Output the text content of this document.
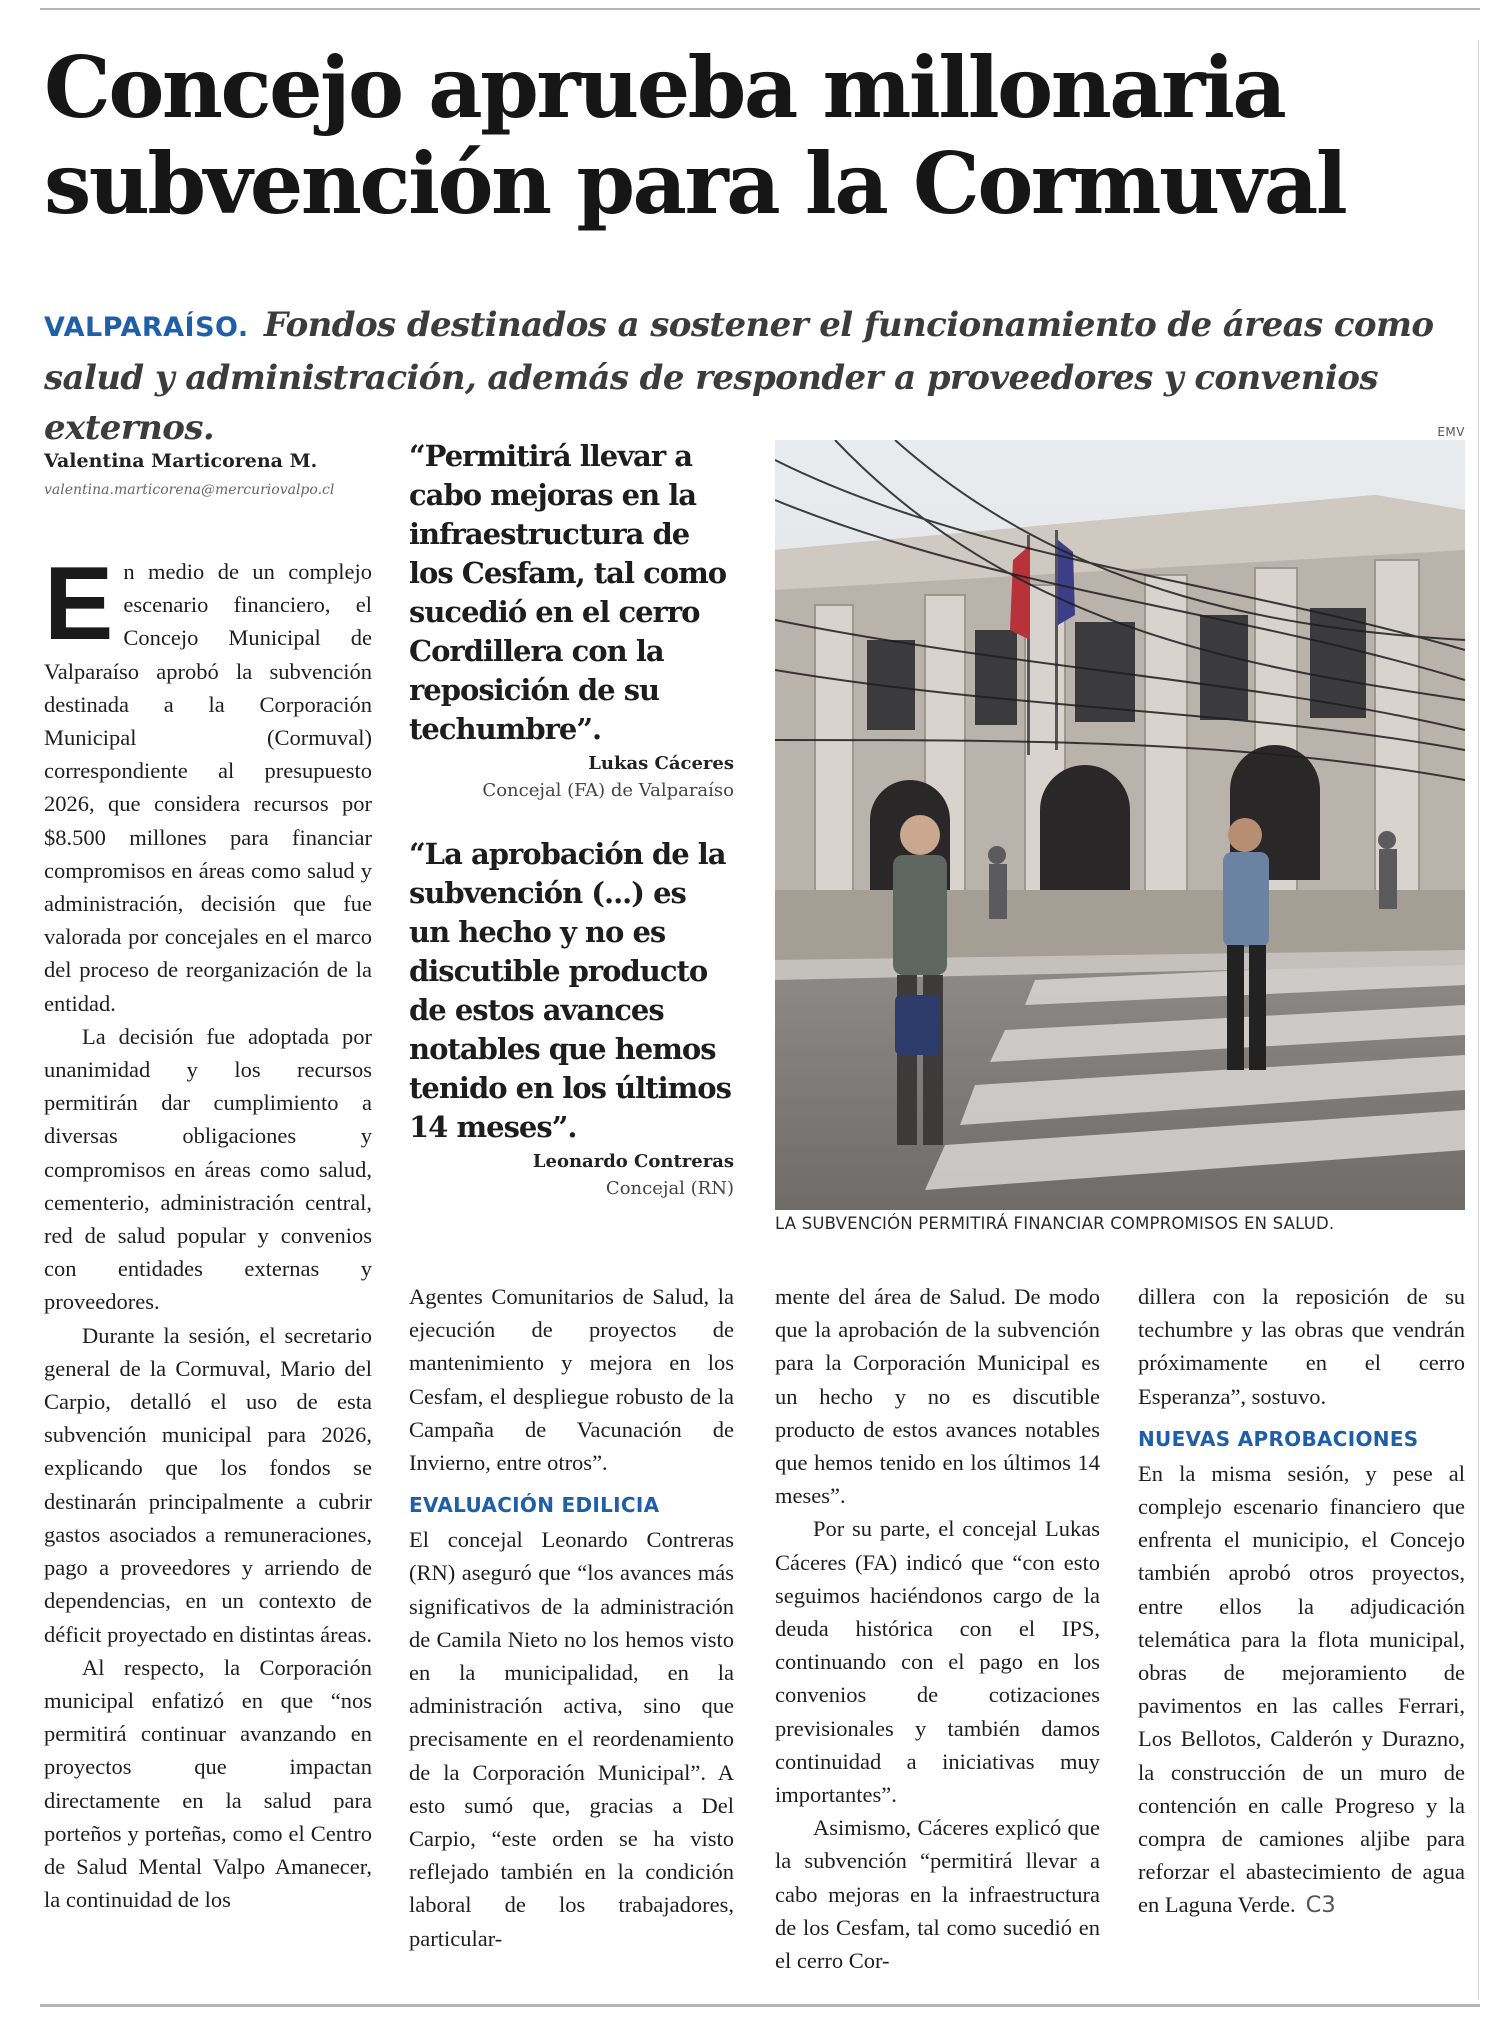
Concejo aprueba millonaria subvención para la Cormuval

VALPARAÍSO. Fondos destinados a sostener el funcionamiento de áreas como salud y administración, además de responder a proveedores y convenios externos.

Valentina Marticorena M.
valentina.marticorena@mercuriovalpo.cl

En medio de un complejo escenario financiero, el Concejo Municipal de Valparaíso aprobó la subvención destinada a la Corporación Municipal (Cormuval) correspondiente al presupuesto 2026, que considera recursos por $8.500 millones para financiar compromisos en áreas como salud y administración, decisión que fue valorada por concejales en el marco del proceso de reorganización de la entidad.

La decisión fue adoptada por unanimidad y los recursos permitirán dar cumplimiento a diversas obligaciones y compromisos en áreas como salud, cementerio, administración central, red de salud popular y convenios con entidades externas y proveedores.

Durante la sesión, el secretario general de la Cormuval, Mario del Carpio, detalló el uso de esta subvención municipal para 2026, explicando que los fondos se destinarán principalmente a cubrir gastos asociados a remuneraciones, pago a proveedores y arriendo de dependencias, en un contexto de déficit proyectado en distintas áreas.

Al respecto, la Corporación municipal enfatizó en que “nos permitirá continuar avanzando en proyectos que impactan directamente en la salud para porteños y porteñas, como el Centro de Salud Mental Valpo Amanecer, la continuidad de los

“Permitirá llevar a cabo mejoras en la infraestructura de los Cesfam, tal como sucedió en el cerro Cordillera con la reposición de su techumbre”.
Lukas Cáceres
Concejal (FA) de Valparaíso
“La aprobación de la subvención (...) es un hecho y no es discutible producto de estos avances notables que hemos tenido en los últimos 14 meses”.
Leonardo Contreras
Concejal (RN)
EMV
LA SUBVENCIÓN PERMITIRÁ FINANCIAR COMPROMISOS EN SALUD.

Agentes Comunitarios de Salud, la ejecución de proyectos de mantenimiento y mejora en los Cesfam, el despliegue robusto de la Campaña de Vacunación de Invierno, entre otros”.

EVALUACIÓN EDILICIA

El concejal Leonardo Contreras (RN) aseguró que “los avances más significativos de la administración de Camila Nieto no los hemos visto en la municipalidad, en la administración activa, sino que precisamente en el reordenamiento de la Corporación Municipal”. A esto sumó que, gracias a Del Carpio, “este orden se ha visto reflejado también en la condición laboral de los trabajadores, particular-

mente del área de Salud. De modo que la aprobación de la subvención para la Corporación Municipal es un hecho y no es discutible producto de estos avances notables que hemos tenido en los últimos 14 meses”.

Por su parte, el concejal Lukas Cáceres (FA) indicó que “con esto seguimos haciéndonos cargo de la deuda histórica con el IPS, continuando con el pago en los convenios de cotizaciones previsionales y también damos continuidad a iniciativas muy importantes”.

Asimismo, Cáceres explicó que la subvención “permitirá llevar a cabo mejoras en la infraestructura de los Cesfam, tal como sucedió en el cerro Cor-

dillera con la reposición de su techumbre y las obras que vendrán próximamente en el cerro Esperanza”, sostuvo.

NUEVAS APROBACIONES

En la misma sesión, y pese al complejo escenario financiero que enfrenta el municipio, el Concejo también aprobó otros proyectos, entre ellos la adjudicación telemática para la flota municipal, obras de mejoramiento de pavimentos en las calles Ferrari, Los Bellotos, Calderón y Durazno, la construcción de un muro de contención en calle Progreso y la compra de camiones aljibe para reforzar el abastecimiento de agua en Laguna Verde. C3
